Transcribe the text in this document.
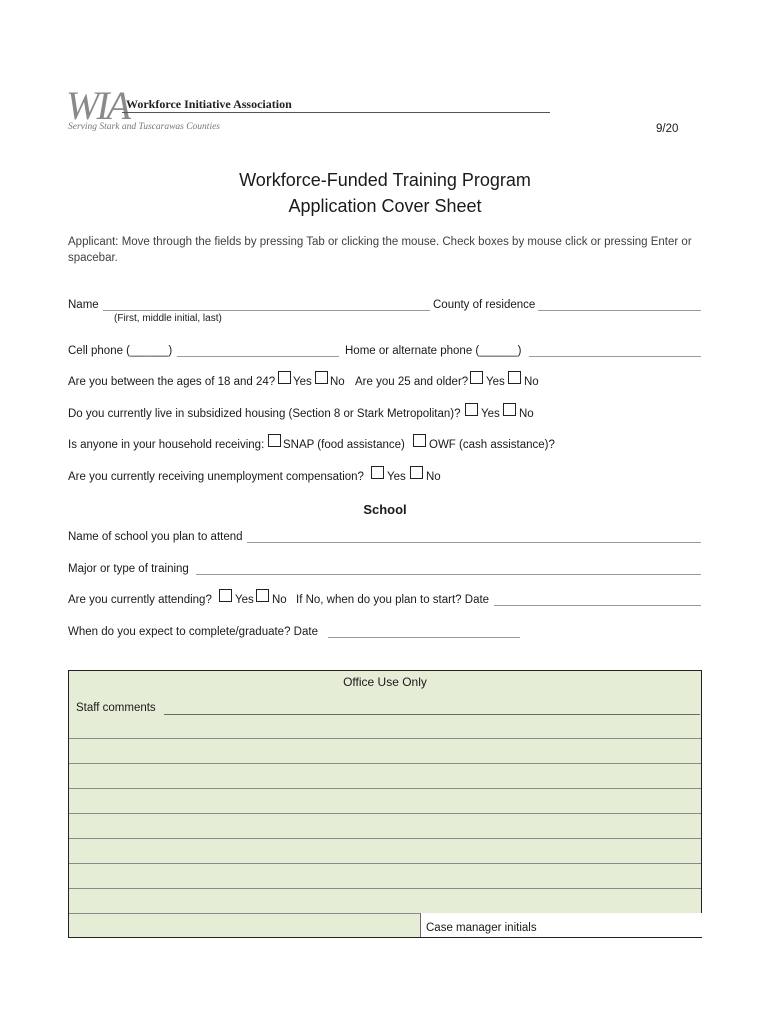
WIA
Workforce Initiative Association
Serving Stark and Tuscarawas Counties	9/20
Workforce-Funded Training Program
Application Cover Sheet
Applicant: Move through the fields by pressing Tab or clicking the mouse. Check boxes by mouse click or pressing Enter or spacebar.
Name	County of residence
(First, middle initial, last)
Cell phone (______)	Home or alternate phone (______)
Are you between the ages of 18 and 24? Yes No Are you 25 and older? Yes No
Do you currently live in subsidized housing (Section 8 or Stark Metropolitan)? Yes No
Is anyone in your household receiving: SNAP (food assistance) OWF (cash assistance)?
Are you currently receiving unemployment compensation? Yes No
School
Name of school you plan to attend
Major or type of training
Are you currently attending? Yes No If No, when do you plan to start? Date
When do you expect to complete/graduate? Date
Office Use Only
Staff comments
Case manager initials
